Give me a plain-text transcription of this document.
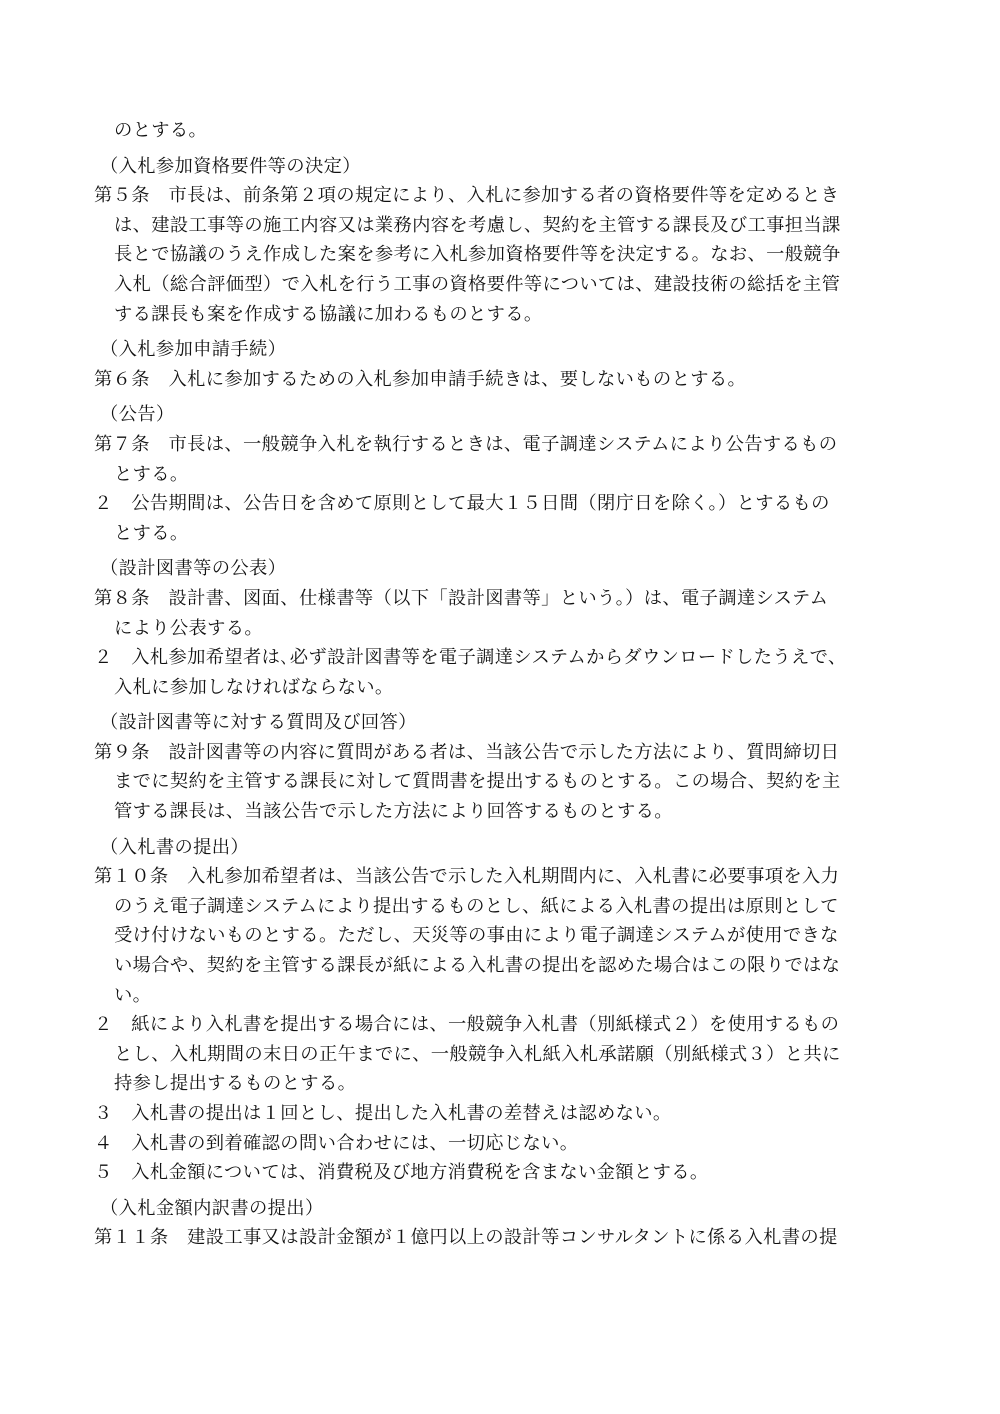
のとする。
（入札参加資格要件等の決定）
第５条　市長は、前条第２項の規定により、入札に参加する者の資格要件等を定めるとき
は、建設工事等の施工内容又は業務内容を考慮し、契約を主管する課長及び工事担当課
長とで協議のうえ作成した案を参考に入札参加資格要件等を決定する。なお、一般競争
入札（総合評価型）で入札を行う工事の資格要件等については、建設技術の総括を主管
する課長も案を作成する協議に加わるものとする。
（入札参加申請手続）
第６条　入札に参加するための入札参加申請手続きは、要しないものとする。
（公告）
第７条　市長は、一般競争入札を執行するときは、電子調達システムにより公告するもの
とする。
２　公告期間は、公告日を含めて原則として最大１５日間（閉庁日を除く。）とするもの
とする。
（設計図書等の公表）
第８条　設計書、図面、仕様書等（以下「設計図書等」という。）は、電子調達システム
により公表する。
２　入札参加希望者は､必ず設計図書等を電子調達システムからダウンロードしたうえで、
入札に参加しなければならない。
（設計図書等に対する質問及び回答）
第９条　設計図書等の内容に質問がある者は、当該公告で示した方法により、質問締切日
までに契約を主管する課長に対して質問書を提出するものとする。この場合、契約を主
管する課長は、当該公告で示した方法により回答するものとする。
（入札書の提出）
第１０条　入札参加希望者は、当該公告で示した入札期間内に、入札書に必要事項を入力
のうえ電子調達システムにより提出するものとし、紙による入札書の提出は原則として
受け付けないものとする。ただし、天災等の事由により電子調達システムが使用できな
い場合や、契約を主管する課長が紙による入札書の提出を認めた場合はこの限りではな
い。
２　紙により入札書を提出する場合には、一般競争入札書（別紙様式２）を使用するもの
とし、入札期間の末日の正午までに、一般競争入札紙入札承諾願（別紙様式３）と共に
持参し提出するものとする。
３　入札書の提出は１回とし、提出した入札書の差替えは認めない。
４　入札書の到着確認の問い合わせには、一切応じない。
５　入札金額については、消費税及び地方消費税を含まない金額とする。
（入札金額内訳書の提出）
第１１条　建設工事又は設計金額が１億円以上の設計等コンサルタントに係る入札書の提
